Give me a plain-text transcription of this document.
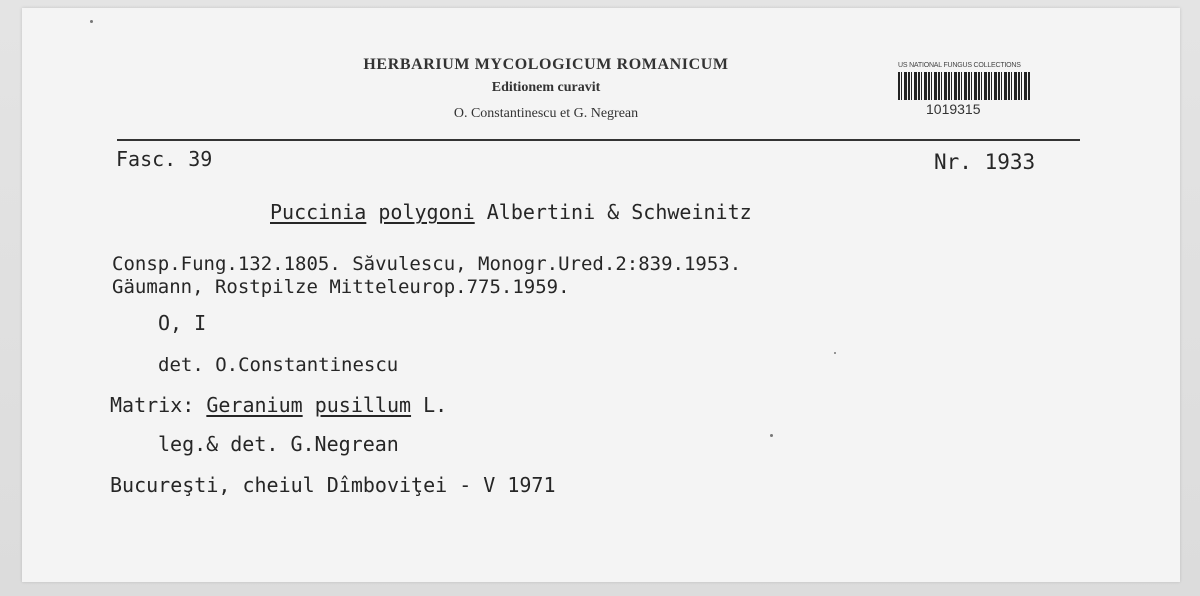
HERBARIUM MYCOLOGICUM ROMANICUM
Editionem curavit
O. Constantinescu et G. Negrean
US NATIONAL FUNGUS COLLECTIONS
1019315
Fasc. 39	Nr. 1933
Puccinia polygoni Albertini & Schweinitz
Consp.Fung.132.1805. Săvulescu, Monogr.Ured.2:839.1953.
Gäumann, Rostpilze Mitteleurop.775.1959.
O, I
det. O.Constantinescu
Matrix: Geranium pusillum L.
leg.& det. G.Negrean
Bucureşti, cheiul Dîmboviţei - V 1971
